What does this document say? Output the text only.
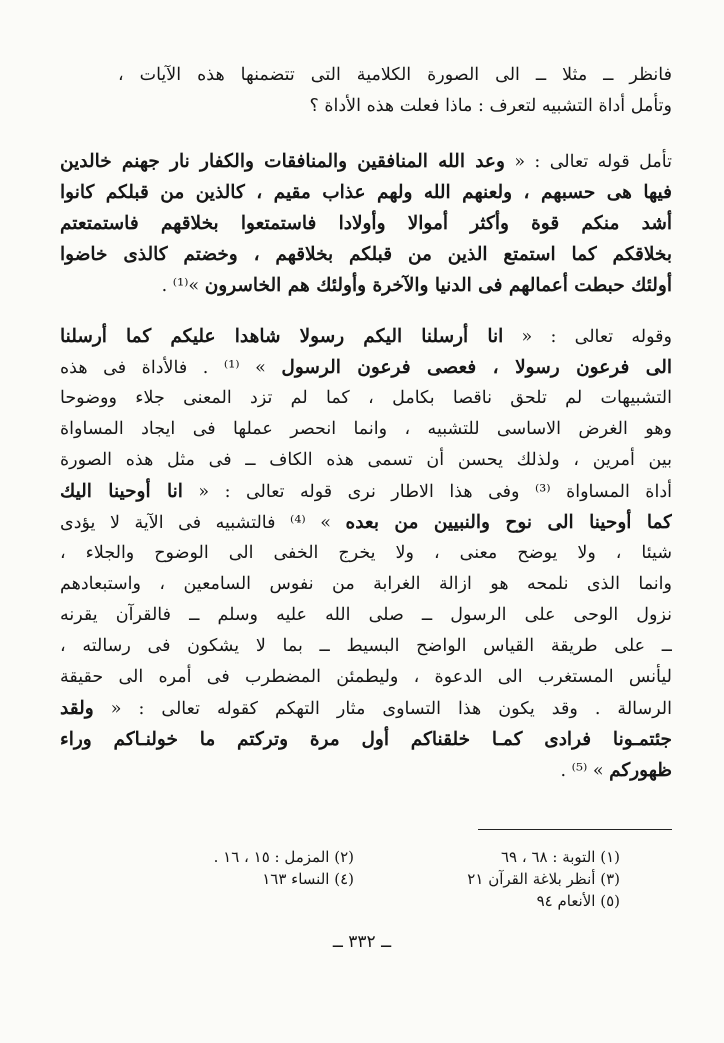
فانظر ــ مثلا ــ الى الصورة الكلامية التى تتضمنها هذه الآيات ،
وتأمل أداة التشبيه لتعرف : ماذا فعلت هذه الأداة ؟
تأمل قوله تعالى : « وعد الله المنافقين والمنافقات والكفار نار جهنم خالدين
فيها هى حسبهم ، ولعنهم الله ولهم عذاب مقيم ، كالذين من قبلكم كانوا
أشد منكم قوة وأكثر أموالا وأولادا فاستمتعوا بخلاقهم فاستمتعتم
بخلاقكم كما استمتع الذين من قبلكم بخلاقهم ، وخضتم كالذى خاضوا
أولئك حبطت أعمالهم فى الدنيا والآخرة وأولئك هم الخاسرون »⁽¹⁾ .
وقوله تعالى : « انا أرسلنا اليكم رسولا شاهدا عليكم كما أرسلنا
الى فرعون رسولا ، فعصى فرعون الرسول » ⁽¹⁾ . فالأداة فى هذه
التشبيهات لم تلحق ناقصا بكامل ، كما لم تزد المعنى جلاء ووضوحا
وهو الغرض الاساسى للتشبيه ، وانما انحصر عملها فى ايجاد المساواة
بين أمرين ، ولذلك يحسن أن تسمى هذه الكاف ــ فى مثل هذه الصورة
أداة المساواة ⁽³⁾ وفى هذا الاطار نرى قوله تعالى : « انا أوحينا اليك
كما أوحينا الى نوح والنبيين من بعده » ⁽⁴⁾ فالتشبيه فى الآية لا يؤدى
شيئا ، ولا يوضح معنى ، ولا يخرج الخفى الى الوضوح والجلاء ،
وانما الذى نلمحه هو ازالة الغرابة من نفوس السامعين ، واستبعادهم
نزول الوحى على الرسول ــ صلى الله عليه وسلم ــ فالقرآن يقرنه
ــ على طريقة القياس الواضح البسيط ــ بما لا يشكون فى رسالته ،
ليأنس المستغرب الى الدعوة ، وليطمئن المضطرب فى أمره الى حقيقة
الرسالة . وقد يكون هذا التساوى مثار التهكم كقوله تعالى : « ولقد
جئتمـونا فرادى كمـا خلقناكم أول مرة وتركتم ما خولنـاكم وراء
ظهوركم » ⁽⁵⁾ .
(١) التوبة : ٦٨ ، ٦٩
(٢) المزمل : ١٥ ، ١٦ .
(٣) أنظر بلاغة القرآن ٢١
(٤) النساء ١٦٣
(٥) الأنعام ٩٤
ــ ٣٣٢ ــ
